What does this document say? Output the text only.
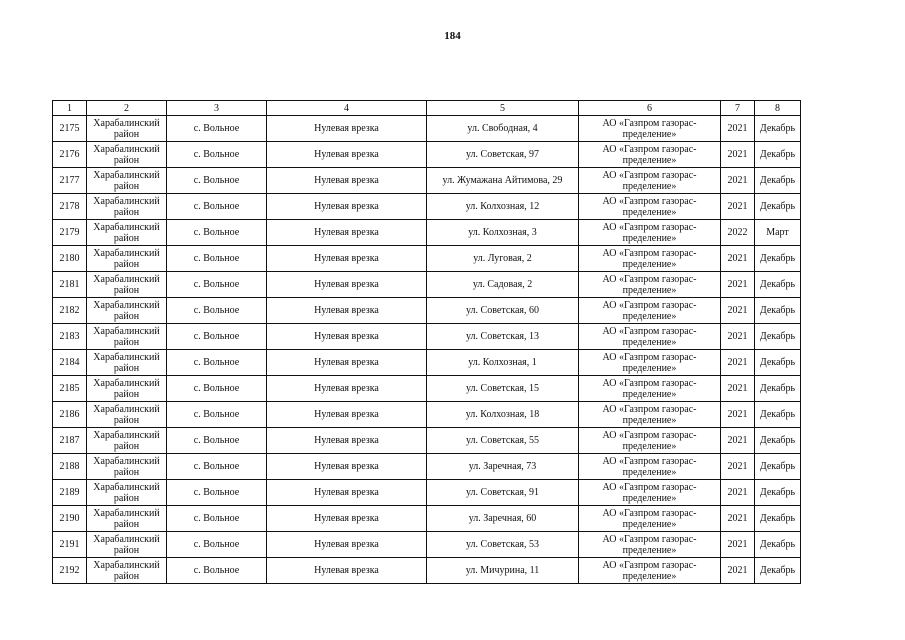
184
1	2	3	4	5	6	7	8
2175	Харабалинский район	с. Вольное	Нулевая врезка	ул. Свободная, 4	АО «Газпром газорас-пределение»	2021	Декабрь
2176	Харабалинский район	с. Вольное	Нулевая врезка	ул. Советская, 97	АО «Газпром газорас-пределение»	2021	Декабрь
2177	Харабалинский район	с. Вольное	Нулевая врезка	ул. Жумажана Айтимова, 29	АО «Газпром газорас-пределение»	2021	Декабрь
2178	Харабалинский район	с. Вольное	Нулевая врезка	ул. Колхозная, 12	АО «Газпром газорас-пределение»	2021	Декабрь
2179	Харабалинский район	с. Вольное	Нулевая врезка	ул. Колхозная, 3	АО «Газпром газорас-пределение»	2022	Март
2180	Харабалинский район	с. Вольное	Нулевая врезка	ул. Луговая, 2	АО «Газпром газорас-пределение»	2021	Декабрь
2181	Харабалинский район	с. Вольное	Нулевая врезка	ул. Садовая, 2	АО «Газпром газорас-пределение»	2021	Декабрь
2182	Харабалинский район	с. Вольное	Нулевая врезка	ул. Советская, 60	АО «Газпром газорас-пределение»	2021	Декабрь
2183	Харабалинский район	с. Вольное	Нулевая врезка	ул. Советская, 13	АО «Газпром газорас-пределение»	2021	Декабрь
2184	Харабалинский район	с. Вольное	Нулевая врезка	ул. Колхозная, 1	АО «Газпром газорас-пределение»	2021	Декабрь
2185	Харабалинский район	с. Вольное	Нулевая врезка	ул. Советская, 15	АО «Газпром газорас-пределение»	2021	Декабрь
2186	Харабалинский район	с. Вольное	Нулевая врезка	ул. Колхозная, 18	АО «Газпром газорас-пределение»	2021	Декабрь
2187	Харабалинский район	с. Вольное	Нулевая врезка	ул. Советская, 55	АО «Газпром газорас-пределение»	2021	Декабрь
2188	Харабалинский район	с. Вольное	Нулевая врезка	ул. Заречная, 73	АО «Газпром газорас-пределение»	2021	Декабрь
2189	Харабалинский район	с. Вольное	Нулевая врезка	ул. Советская, 91	АО «Газпром газорас-пределение»	2021	Декабрь
2190	Харабалинский район	с. Вольное	Нулевая врезка	ул. Заречная, 60	АО «Газпром газорас-пределение»	2021	Декабрь
2191	Харабалинский район	с. Вольное	Нулевая врезка	ул. Советская, 53	АО «Газпром газорас-пределение»	2021	Декабрь
2192	Харабалинский район	с. Вольное	Нулевая врезка	ул. Мичурина, 11	АО «Газпром газорас-пределение»	2021	Декабрь
